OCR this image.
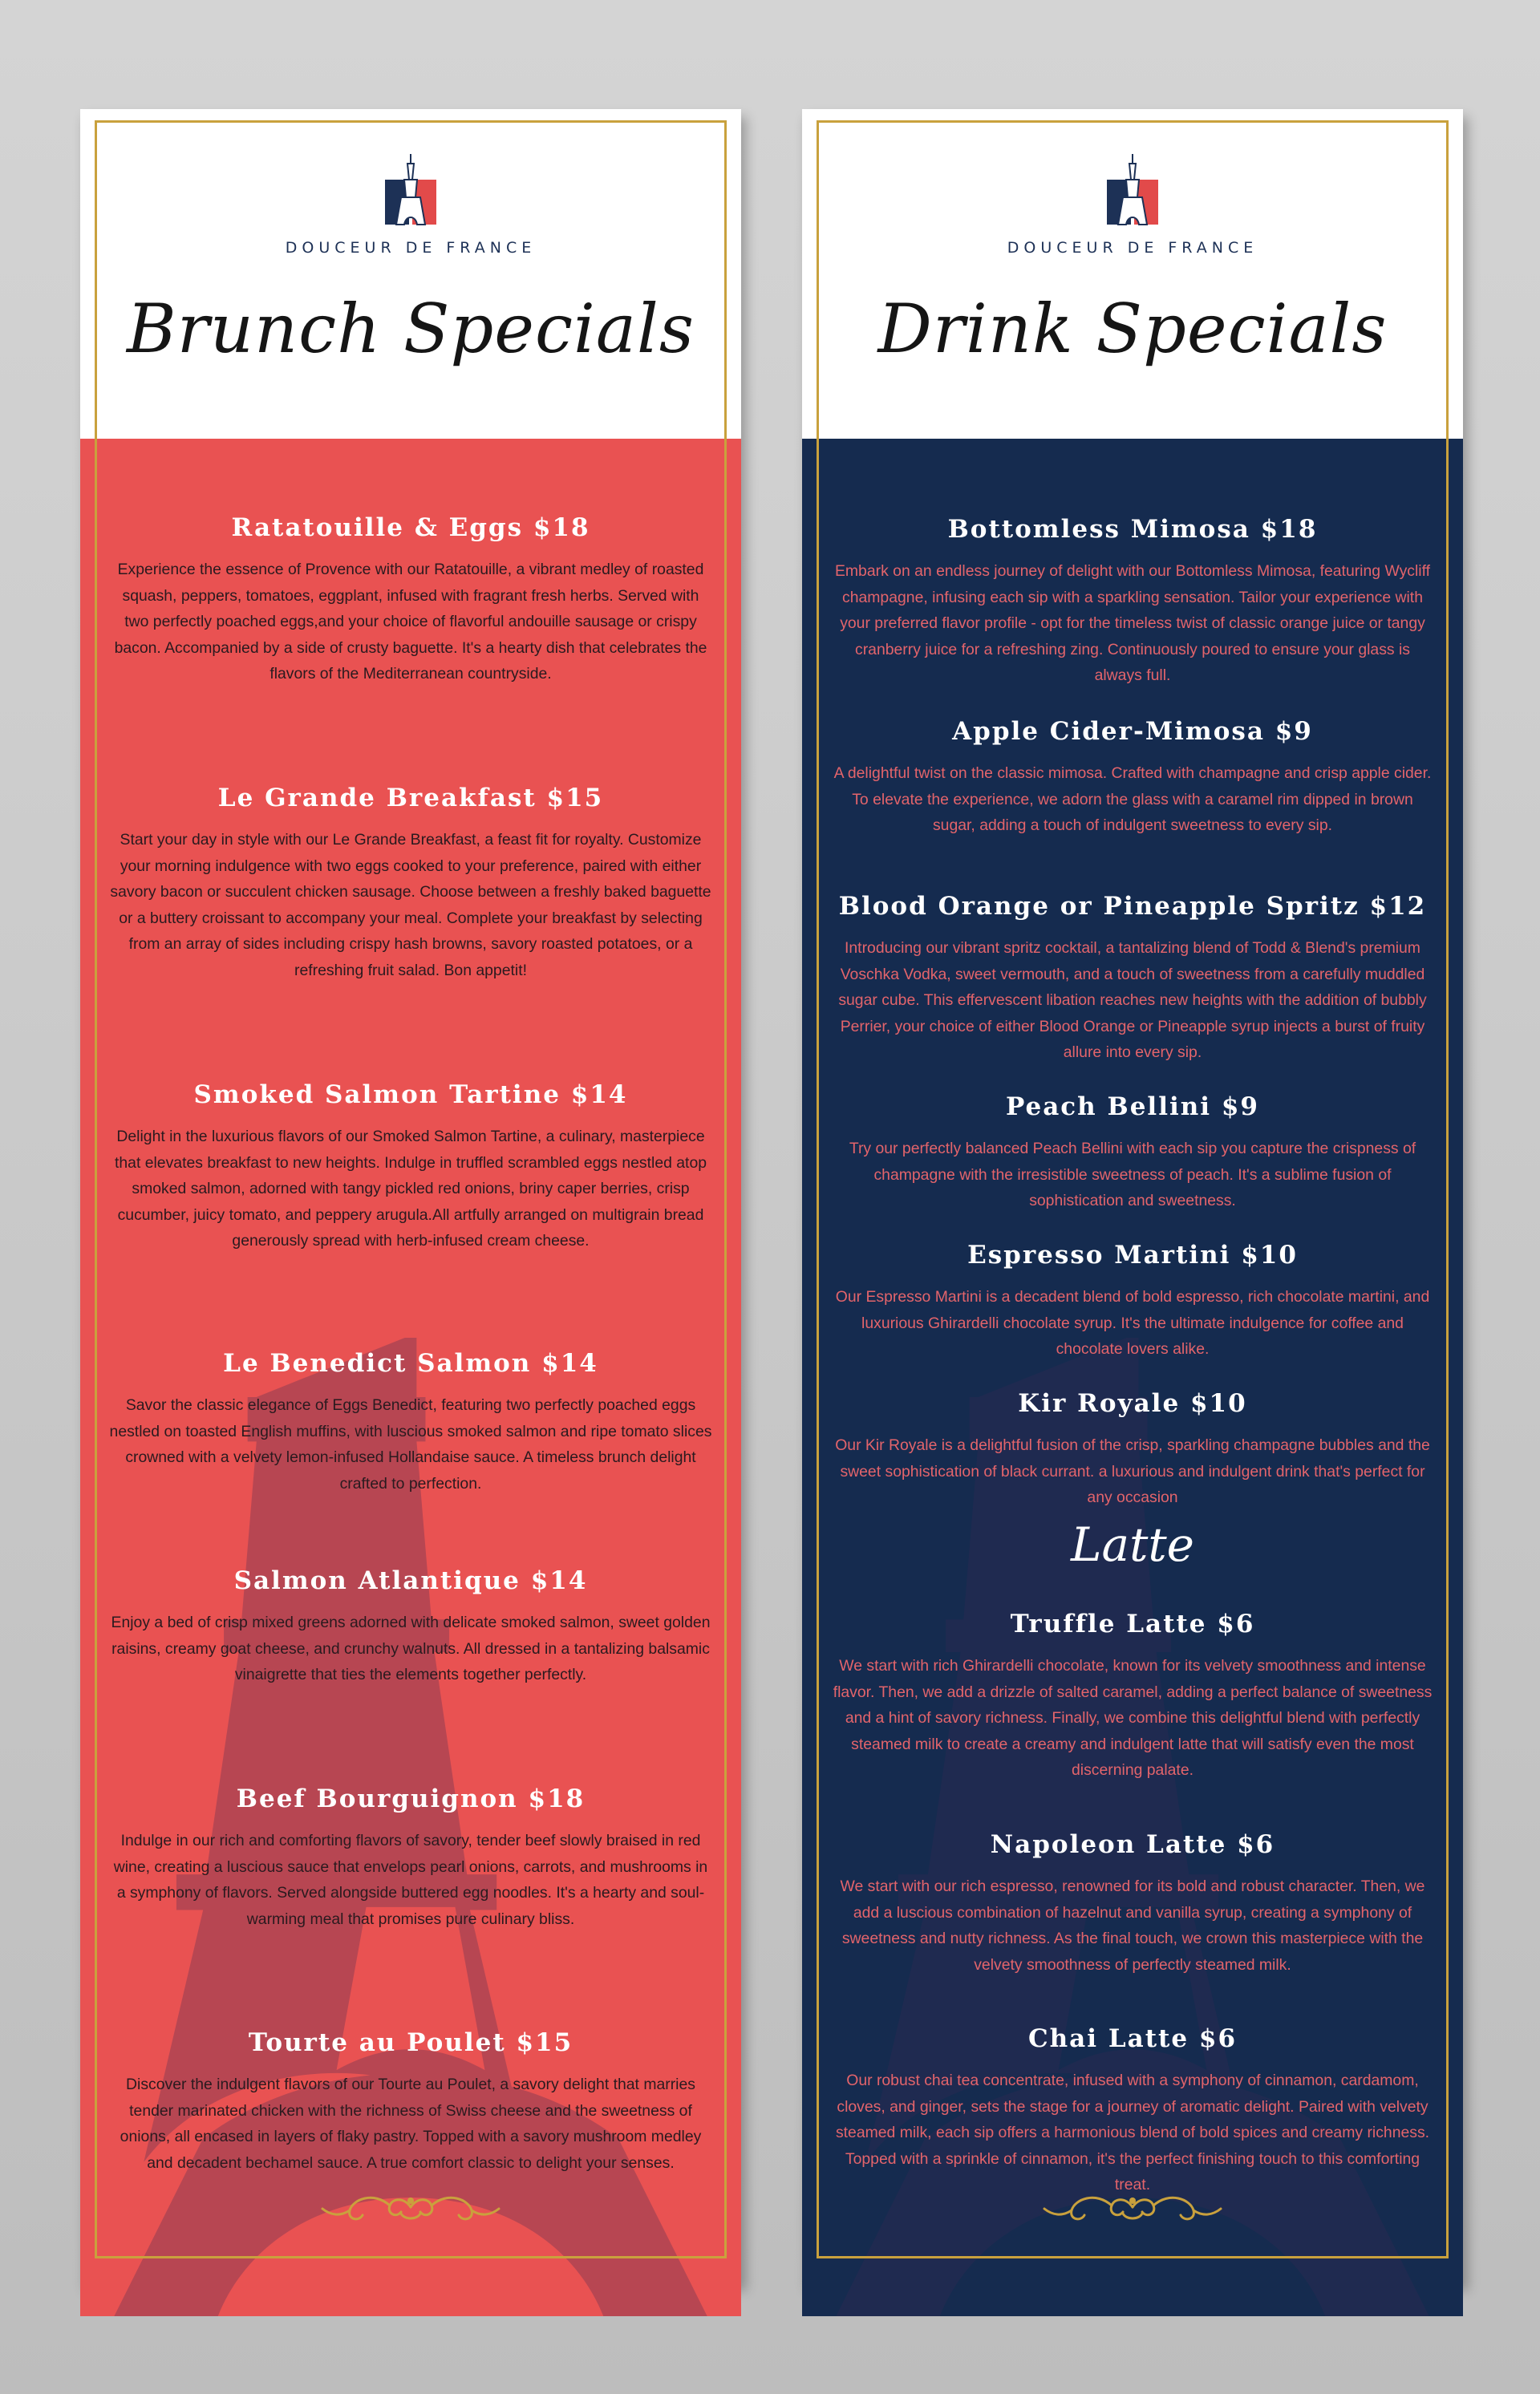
DOUCEUR DE FRANCE
Brunch Specials

Ratatouille & Eggs $18

Experience the essence of Provence with our Ratatouille, a vibrant medley of roasted squash, peppers, tomatoes, eggplant, infused with fragrant fresh herbs. Served with two perfectly poached eggs,and your choice of flavorful andouille sausage or crispy bacon. Accompanied by a side of crusty baguette. It's a hearty dish that celebrates the flavors of the Mediterranean countryside.

Le Grande Breakfast $15

Start your day in style with our Le Grande Breakfast, a feast fit for royalty. Customize your morning indulgence with two eggs cooked to your preference, paired with either savory bacon or succulent chicken sausage. Choose between a freshly baked baguette or a buttery croissant to accompany your meal. Complete your breakfast by selecting from an array of sides including crispy hash browns, savory roasted potatoes, or a refreshing fruit salad. Bon appetit!

Smoked Salmon Tartine $14

Delight in the luxurious flavors of our Smoked Salmon Tartine, a culinary, masterpiece that elevates breakfast to new heights. Indulge in truffled scrambled eggs nestled atop smoked salmon, adorned with tangy pickled red onions, briny caper berries, crisp cucumber, juicy tomato, and peppery arugula.All artfully arranged on multigrain bread generously spread with herb-infused cream cheese.

Le Benedict Salmon $14

Savor the classic elegance of Eggs Benedict, featuring two perfectly poached eggs nestled on toasted English muffins, with luscious smoked salmon and ripe tomato slices crowned with a velvety lemon-infused Hollandaise sauce. A timeless brunch delight crafted to perfection.

Salmon Atlantique $14

Enjoy a bed of crisp mixed greens adorned with delicate smoked salmon, sweet golden raisins, creamy goat cheese, and crunchy walnuts. All dressed in a tantalizing balsamic vinaigrette that ties the elements together perfectly.

Beef Bourguignon $18

Indulge in our rich and comforting flavors of savory, tender beef slowly braised in red wine, creating a luscious sauce that envelops pearl onions, carrots, and mushrooms in a symphony of flavors. Served alongside buttered egg noodles. It's a hearty and soul-warming meal that promises pure culinary bliss.

Tourte au Poulet $15

Discover the indulgent flavors of our Tourte au Poulet, a savory delight that marries tender marinated chicken with the richness of Swiss cheese and the sweetness of onions, all encased in layers of flaky pastry. Topped with a savory mushroom medley and decadent bechamel sauce. A true comfort classic to delight your senses.

DOUCEUR DE FRANCE
Drink Specials

Bottomless Mimosa $18

Embark on an endless journey of delight with our Bottomless Mimosa, featuring Wycliff champagne, infusing each sip with a sparkling sensation. Tailor your experience with your preferred flavor profile - opt for the timeless twist of classic orange juice or tangy cranberry juice for a refreshing zing. Continuously poured to ensure your glass is always full.

Apple Cider-Mimosa $9

A delightful twist on the classic mimosa. Crafted with champagne and crisp apple cider. To elevate the experience, we adorn the glass with a caramel rim dipped in brown sugar, adding a touch of indulgent sweetness to every sip.

Blood Orange or Pineapple Spritz $12

Introducing our vibrant spritz cocktail, a tantalizing blend of Todd & Blend's premium Voschka Vodka, sweet vermouth, and a touch of sweetness from a carefully muddled sugar cube. This effervescent libation reaches new heights with the addition of bubbly Perrier, your choice of either Blood Orange or Pineapple syrup injects a burst of fruity allure into every sip.

Peach Bellini $9

Try our perfectly balanced Peach Bellini with each sip you capture the crispness of champagne with the irresistible sweetness of peach. It's a sublime fusion of sophistication and sweetness.

Espresso Martini $10

Our Espresso Martini is a decadent blend of bold espresso, rich chocolate martini, and luxurious Ghirardelli chocolate syrup. It's the ultimate indulgence for coffee and chocolate lovers alike.

Kir Royale $10

Our Kir Royale is a delightful fusion of the crisp, sparkling champagne bubbles and the sweet sophistication of black currant. a luxurious and indulgent drink that's perfect for any occasion

Latte

Truffle Latte $6

We start with rich Ghirardelli chocolate, known for its velvety smoothness and intense flavor. Then, we add a drizzle of salted caramel, adding a perfect balance of sweetness and a hint of savory richness. Finally, we combine this delightful blend with perfectly steamed milk to create a creamy and indulgent latte that will satisfy even the most discerning palate.

Napoleon Latte $6

We start with our rich espresso, renowned for its bold and robust character. Then, we add a luscious combination of hazelnut and vanilla syrup, creating a symphony of sweetness and nutty richness. As the final touch, we crown this masterpiece with the velvety smoothness of perfectly steamed milk.

Chai Latte $6

Our robust chai tea concentrate, infused with a symphony of cinnamon, cardamom, cloves, and ginger, sets the stage for a journey of aromatic delight. Paired with velvety steamed milk, each sip offers a harmonious blend of bold spices and creamy richness. Topped with a sprinkle of cinnamon, it's the perfect finishing touch to this comforting treat.
